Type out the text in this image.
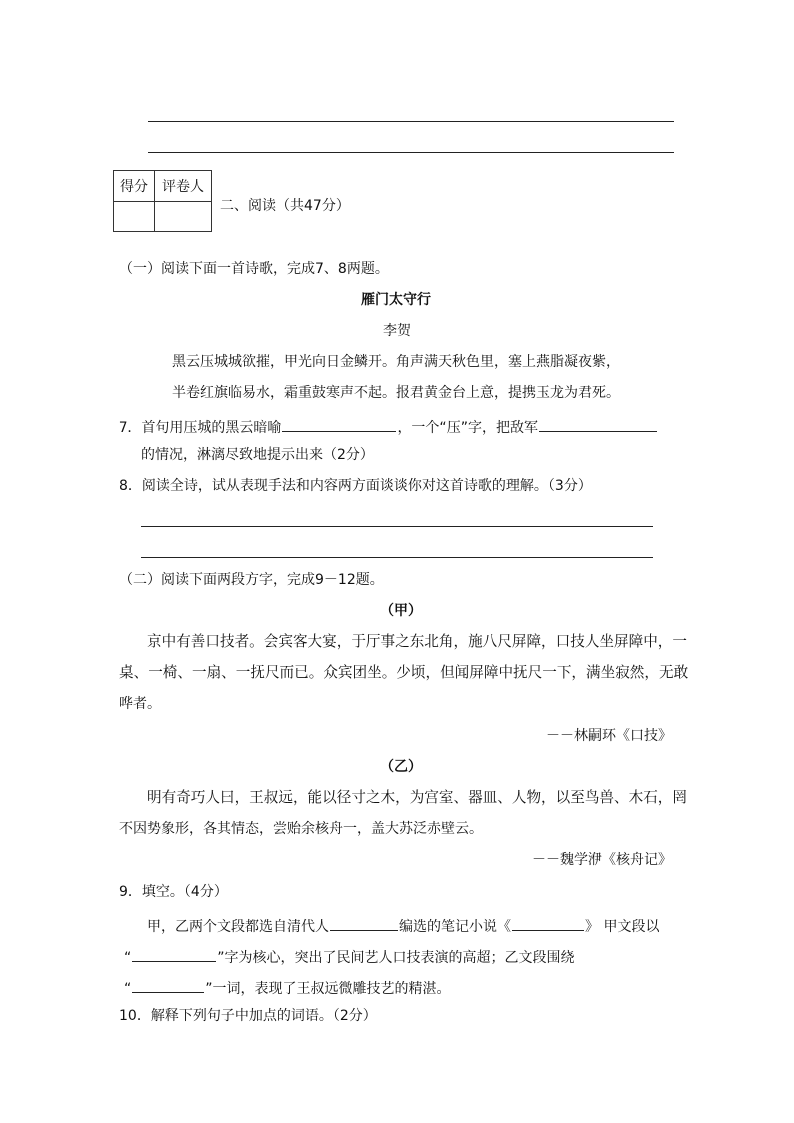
得分	评卷人

二、阅读（共47分）
（一）阅读下面一首诗歌，完成7、8两题。
雁门太守行
李贺
黑云压城城欲摧，甲光向日金鳞开。角声满天秋色里，塞上燕脂凝夜紫，
半卷红旗临易水，霜重鼓寒声不起。报君黄金台上意，提携玉龙为君死。
7．首句用压城的黑云暗喻	，一个“压”字，把敌军
的情况，淋漓尽致地提示出来（2分）
8．阅读全诗，试从表现手法和内容两方面谈谈你对这首诗歌的理解。（3分）
（二）阅读下面两段方字，完成9－12题。
（甲）
京中有善口技者。会宾客大宴，于厅事之东北角，施八尺屏障，口技人坐屏障中，一
桌、一椅、一扇、一抚尺而已。众宾团坐。少顷，但闻屏障中抚尺一下，满坐寂然，无敢
哗者。
－－林嗣环《口技》
（乙）
明有奇巧人曰，王叔远，能以径寸之木，为宫室、器皿、人物，以至鸟兽、木石，罔
不因势象形，各其情态，尝贻余核舟一，盖大苏泛赤壁云。
－－魏学洢《核舟记》
9．填空。（4分）
甲，乙两个文段都选自清代人	编选的笔记小说《	》 甲文段以
“	”字为核心，突出了民间艺人口技表演的高超；乙文段围绕
“	”一词，表现了王叔远微雕技艺的精湛。
10．解释下列句子中加点的词语。（2分）
